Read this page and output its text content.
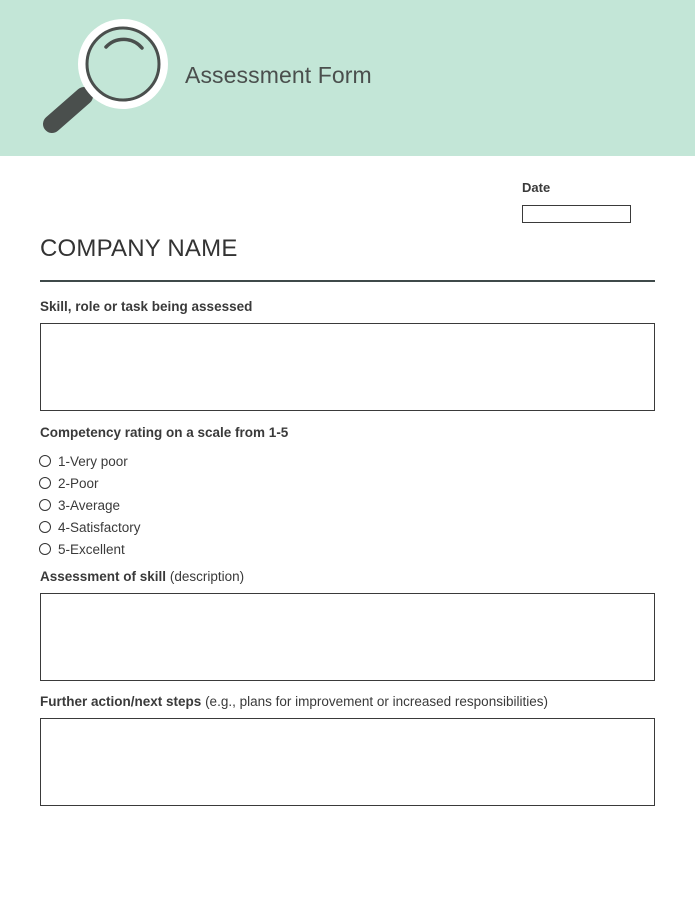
Assessment Form
Date
COMPANY NAME

Skill, role or task being assessed

Competency rating on a scale from 1-5

1-Very poor
2-Poor
3-Average
4-Satisfactory
5-Excellent

Assessment of skill (description)

Further action/next steps (e.g., plans for improvement or increased responsibilities)
